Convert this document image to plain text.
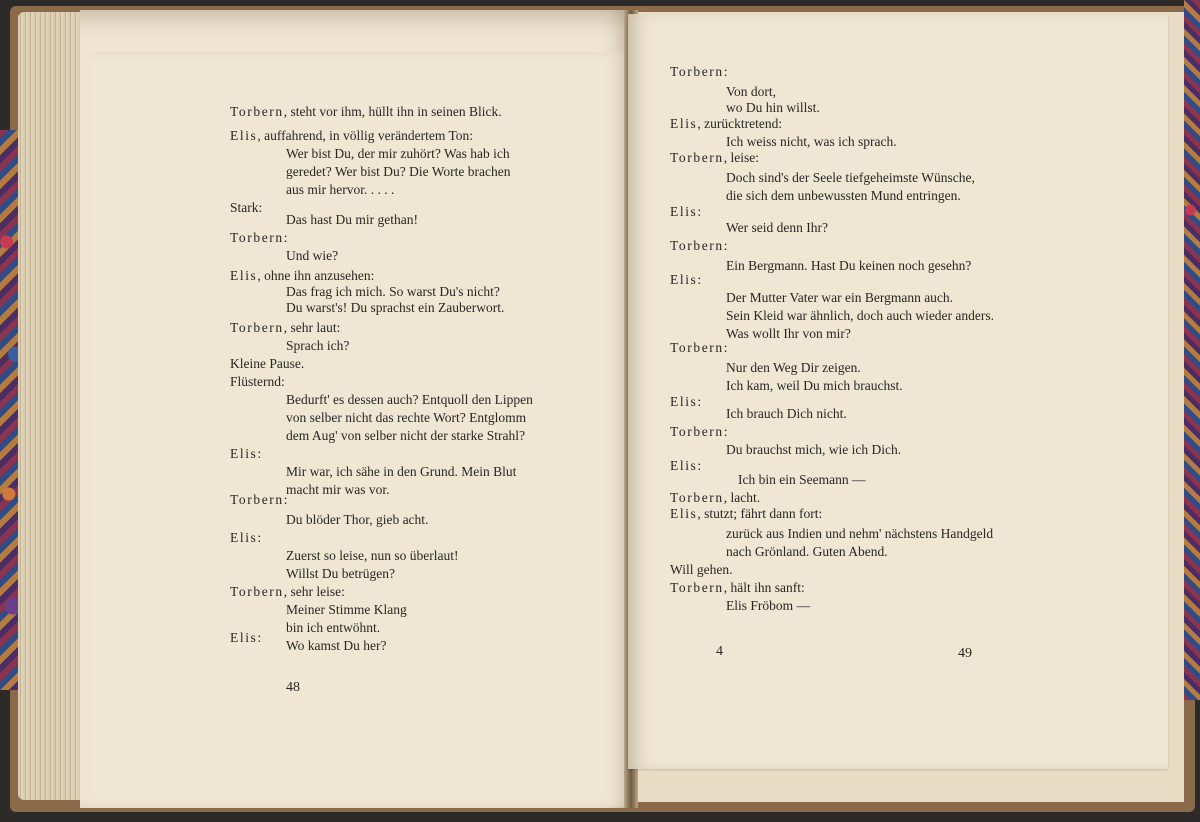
48
4	49
Torbern, steht vor ihm, hüllt ihn in seinen Blick.
Elis, auffahrend, in völlig verändertem Ton:
Wer bist Du, der mir zuhört? Was hab ich
geredet? Wer bist Du? Die Worte brachen
aus mir hervor. . . . .
Stark:
Das hast Du mir gethan!
Torbern:
Und wie?
Elis, ohne ihn anzusehen:
Das frag ich mich. So warst Du's nicht?
Du warst's! Du sprachst ein Zauberwort.
Torbern, sehr laut:
Sprach ich?
Kleine Pause.
Flüsternd:
Bedurft' es dessen auch? Entquoll den Lippen
von selber nicht das rechte Wort? Entglomm
dem Aug' von selber nicht der starke Strahl?
Elis:
Mir war, ich sähe in den Grund. Mein Blut
macht mir was vor.
Torbern:
Du blöder Thor, gieb acht.
Elis:
Zuerst so leise, nun so überlaut!
Willst Du betrügen?
Torbern, sehr leise:
Meiner Stimme Klang
bin ich entwöhnt.
Elis:
Wo kamst Du her?
Torbern:
Von dort,
wo Du hin willst.
Elis, zurücktretend:
Ich weiss nicht, was ich sprach.
Torbern, leise:
Doch sind's der Seele tiefgeheimste Wünsche,
die sich dem unbewussten Mund entringen.
Elis:
Wer seid denn Ihr?
Torbern:
Ein Bergmann. Hast Du keinen noch gesehn?
Elis:
Der Mutter Vater war ein Bergmann auch.
Sein Kleid war ähnlich, doch auch wieder anders.
Was wollt Ihr von mir?
Torbern:
Nur den Weg Dir zeigen.
Ich kam, weil Du mich brauchst.
Elis:
Ich brauch Dich nicht.
Torbern:
Du brauchst mich, wie ich Dich.
Elis:
Ich bin ein Seemann —
Torbern, lacht.
Elis, stutzt; fährt dann fort:
zurück aus Indien und nehm' nächstens Handgeld
nach Grönland. Guten Abend.
Will gehen.
Torbern, hält ihn sanft:
Elis Fröbom —
